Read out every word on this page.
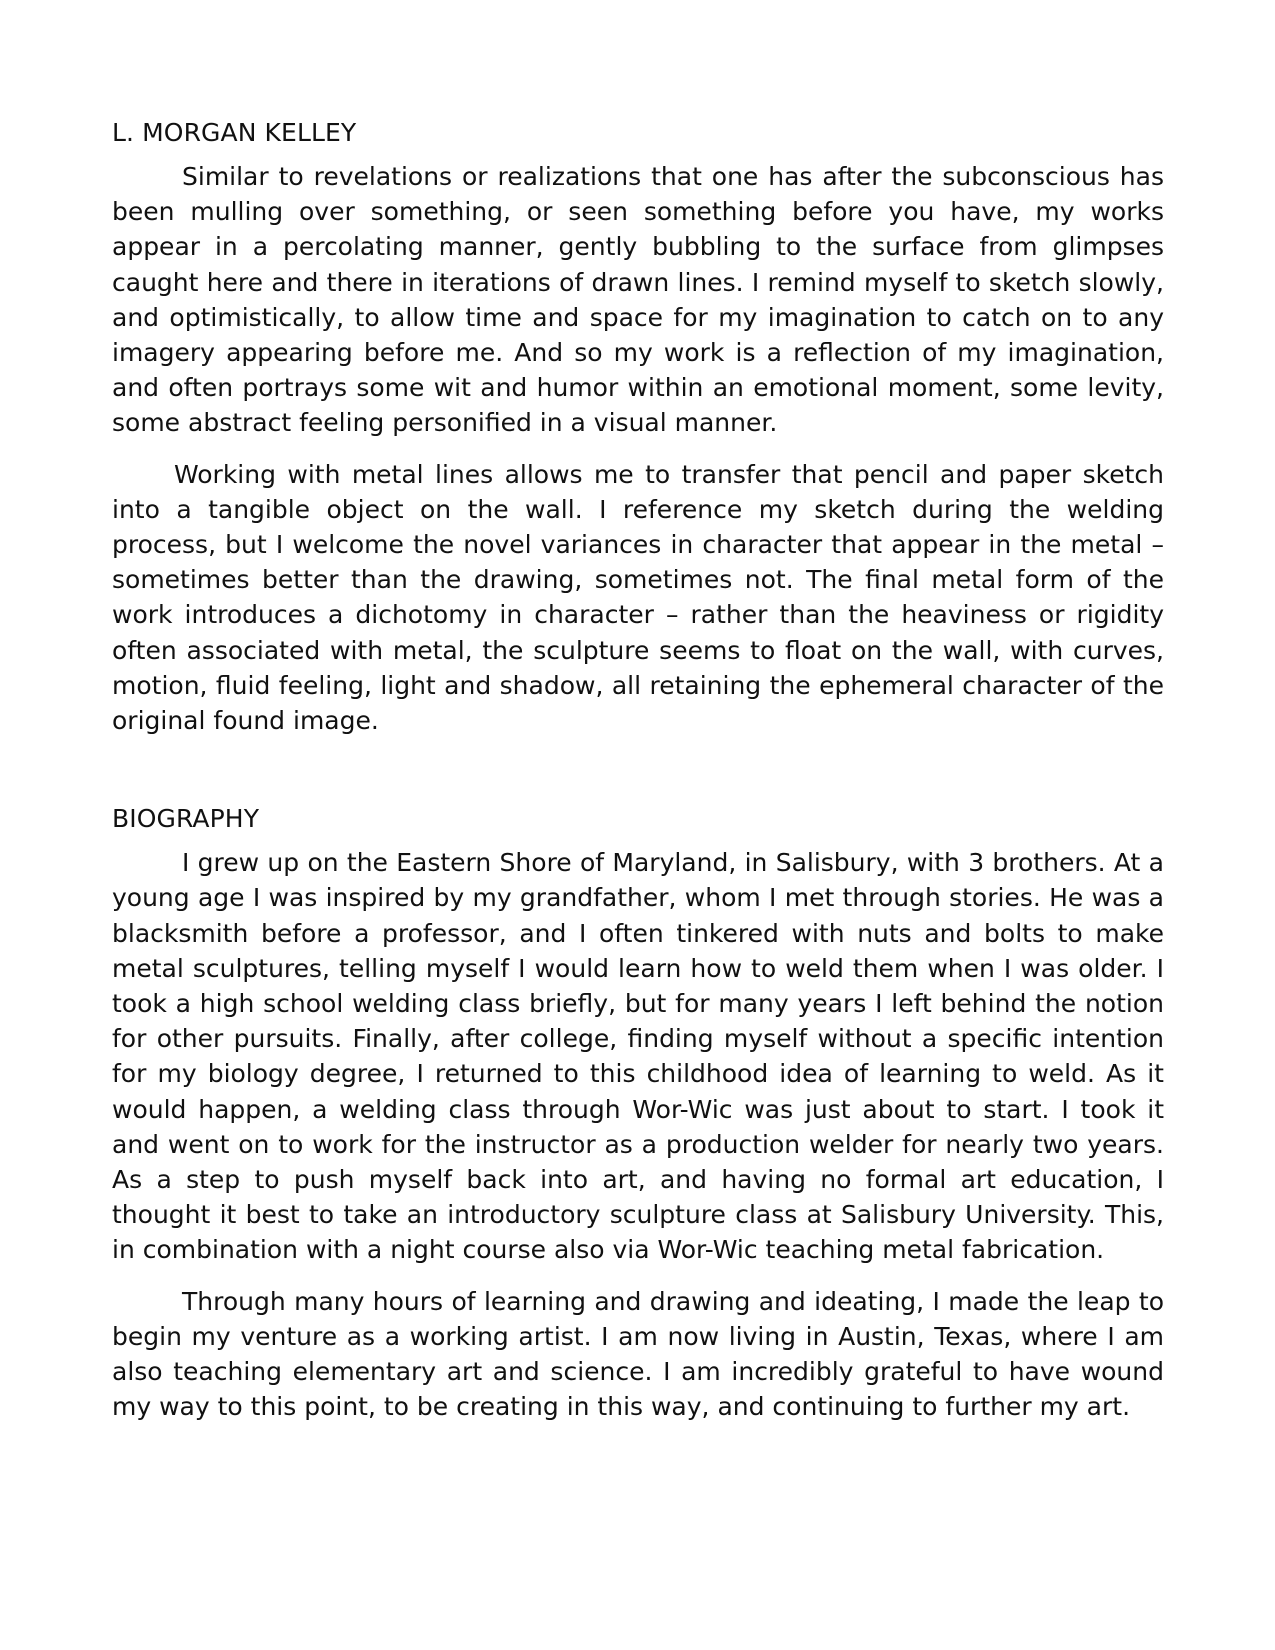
L. MORGAN KELLEY

Similar to revelations or realizations that one has after the subconscious has been mulling over something, or seen something before you have, my works appear in a percolating manner, gently bubbling to the surface from glimpses caught here and there in iterations of drawn lines. I remind myself to sketch slowly, and optimistically, to allow time and space for my imagination to catch on to any imagery appearing before me. And so my work is a reflection of my imagination, and often portrays some wit and humor within an emotional moment, some levity, some abstract feeling personified in a visual manner.

Working with metal lines allows me to transfer that pencil and paper sketch into a tangible object on the wall. I reference my sketch during the welding process, but I welcome the novel variances in character that appear in the metal – sometimes better than the drawing, sometimes not. The final metal form of the work introduces a dichotomy in character – rather than the heaviness or rigidity often associated with metal, the sculpture seems to float on the wall, with curves, motion, fluid feeling, light and shadow, all retaining the ephemeral character of the original found image.

BIOGRAPHY

I grew up on the Eastern Shore of Maryland, in Salisbury, with 3 brothers. At a young age I was inspired by my grandfather, whom I met through stories. He was a blacksmith before a professor, and I often tinkered with nuts and bolts to make metal sculptures, telling myself I would learn how to weld them when I was older. I took a high school welding class briefly, but for many years I left behind the notion for other pursuits. Finally, after college, finding myself without a specific intention for my biology degree, I returned to this childhood idea of learning to weld. As it would happen, a welding class through Wor-Wic was just about to start. I took it and went on to work for the instructor as a production welder for nearly two years. As a step to push myself back into art, and having no formal art education, I thought it best to take an introductory sculpture class at Salisbury University. This, in combination with a night course also via Wor-Wic teaching metal fabrication.

Through many hours of learning and drawing and ideating, I made the leap to begin my venture as a working artist. I am now living in Austin, Texas, where I am also teaching elementary art and science. I am incredibly grateful to have wound my way to this point, to be creating in this way, and continuing to further my art.
